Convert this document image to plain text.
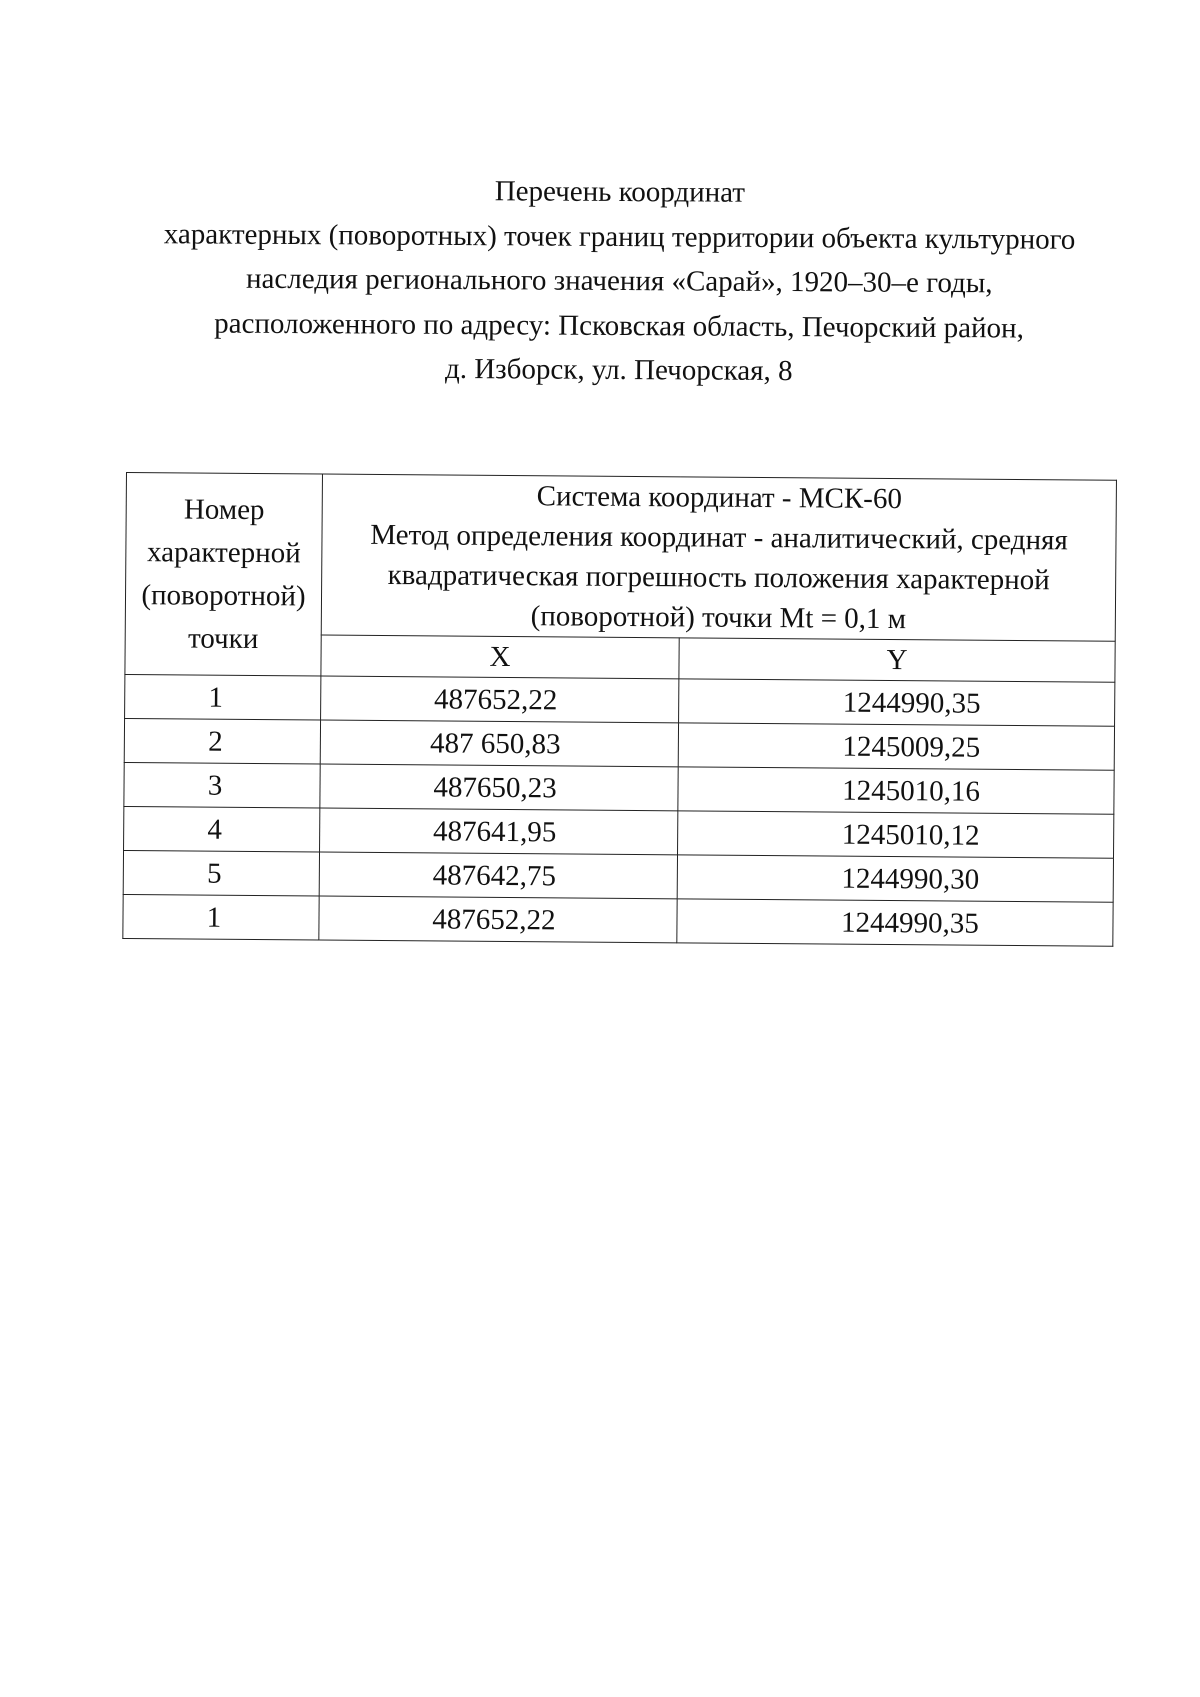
Перечень координат
характерных (поворотных) точек границ территории объекта культурного
наследия регионального значения «Сарай», 1920–30–е годы,
расположенного по адресу: Псковская область, Печорский район,
д. Изборск, ул. Печорская, 8
Номер
характерной
(поворотной)
точки	Система координат - МСК-60
Метод определения координат - аналитический, средняя
квадратическая погрешность положения характерной
(поворотной) точки Mt = 0,1 м	

	X	Y
1	487652,22	1244990,35
2	487 650,83	1245009,25
3	487650,23	1245010,16
4	487641,95	1245010,12
5	487642,75	1244990,30
1	487652,22	1244990,35
